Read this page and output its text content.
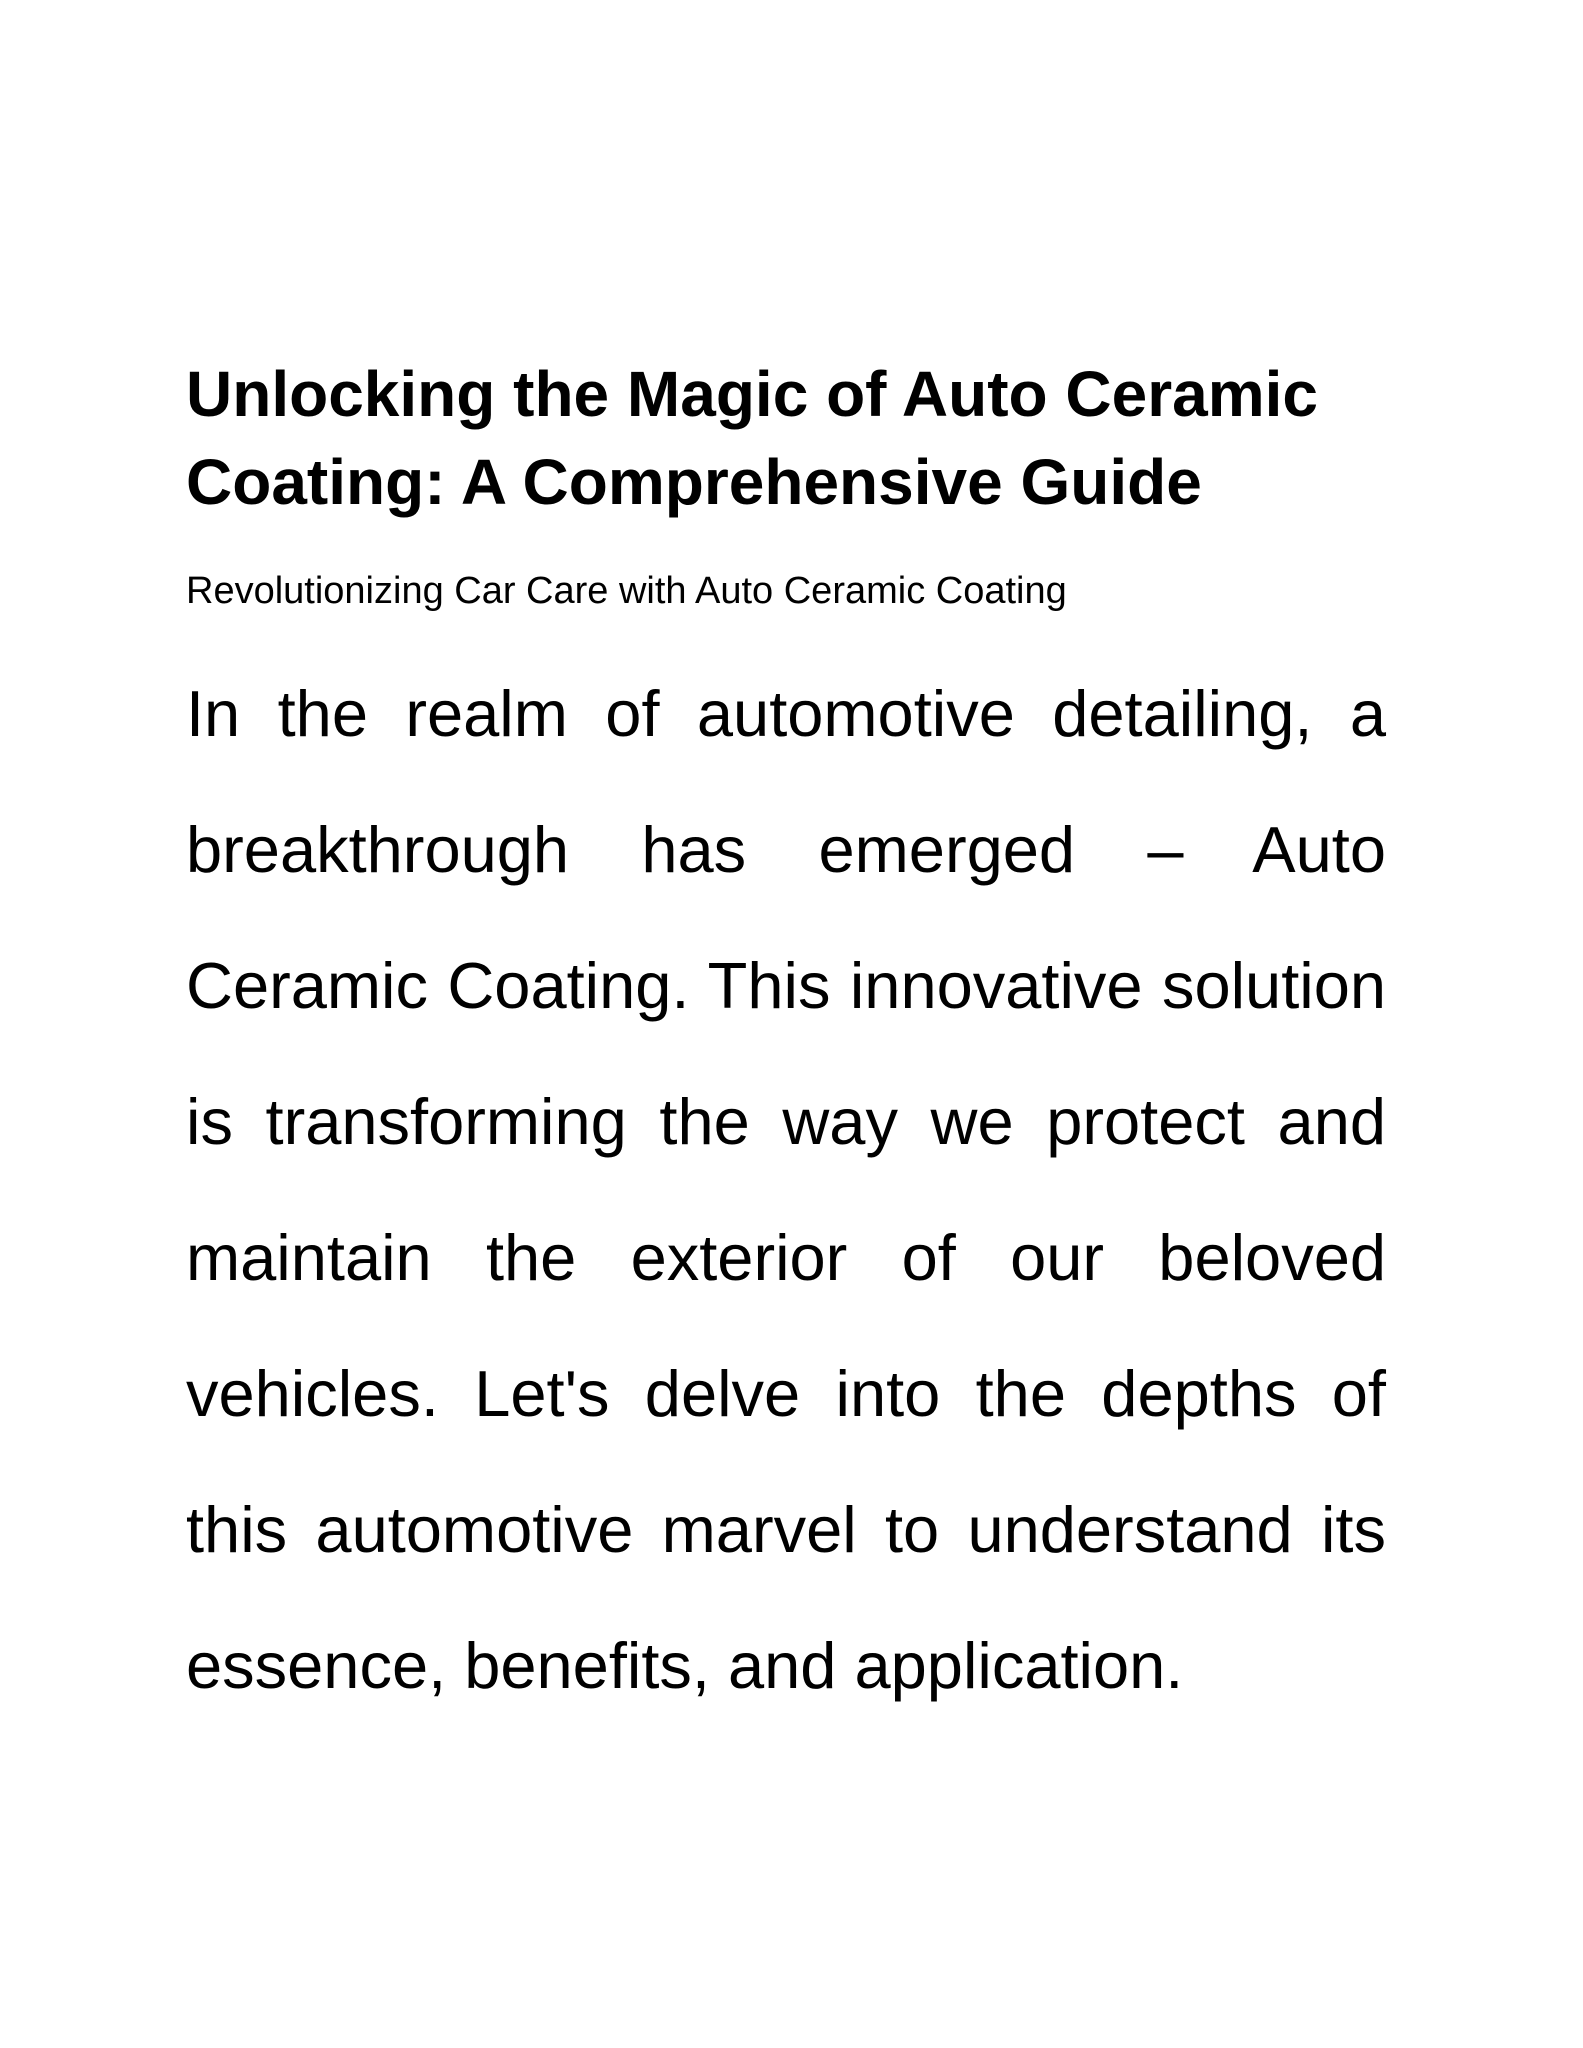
Unlocking the Magic of Auto Ceramic Coating: A Comprehensive Guide
Revolutionizing Car Care with Auto Ceramic Coating

In the realm of automotive detailing, a breakthrough has emerged – Auto Ceramic Coating. This innovative solution is transforming the way we protect and maintain the exterior of our beloved vehicles. Let's delve into the depths of this automotive marvel to understand its essence, benefits, and application.
